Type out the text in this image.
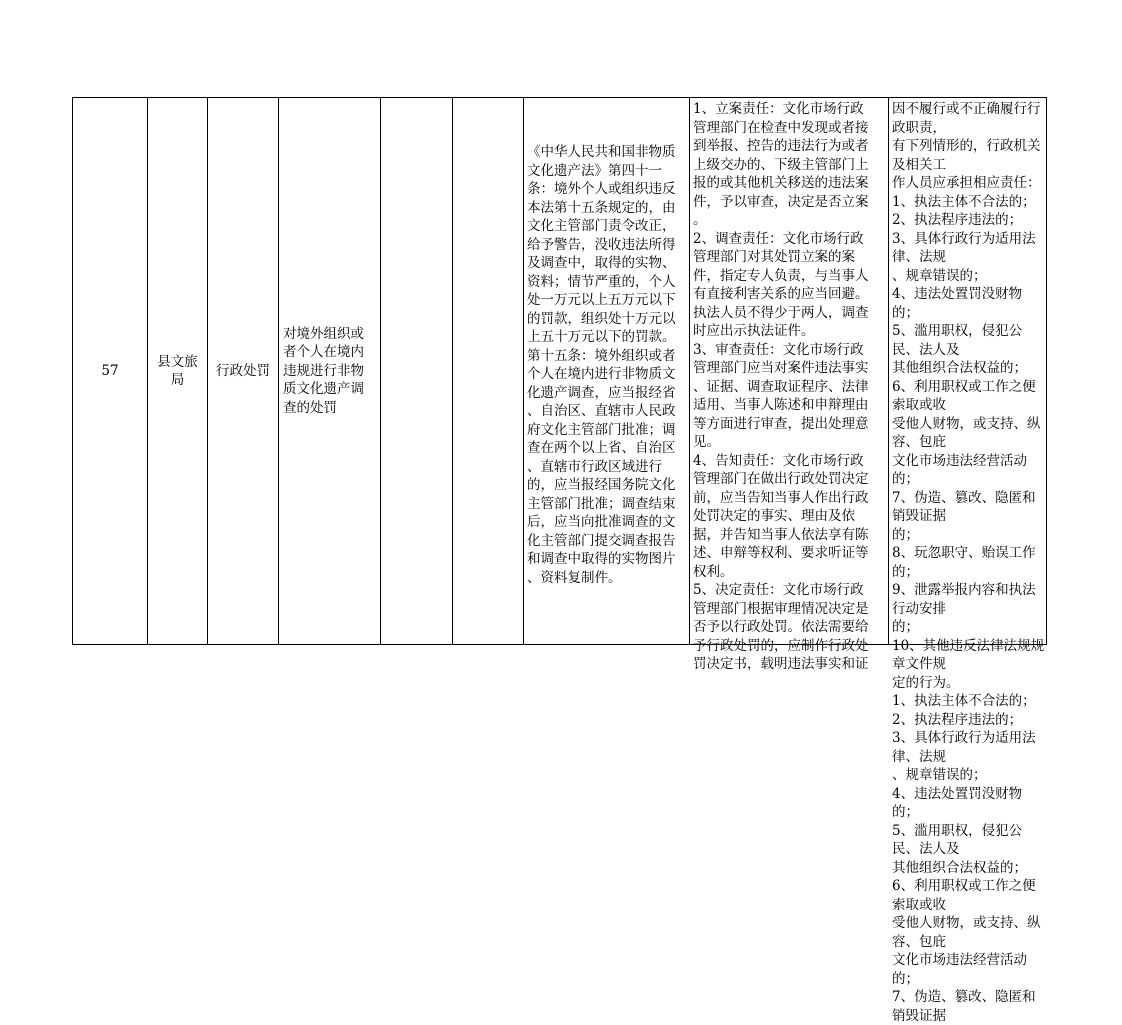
57
县文旅
局
行政处罚
对境外组织或
者个人在境内
违规进行非物
质文化遗产调
查的处罚
《中华人民共和国非物质
文化遗产法》第四十一
条：境外个人或组织违反
本法第十五条规定的，由
文化主管部门责令改正，
给予警告，没收违法所得
及调查中，取得的实物、
资料；情节严重的，个人
处一万元以上五万元以下
的罚款，组织处十万元以
上五十万元以下的罚款。
第十五条：境外组织或者
个人在境内进行非物质文
化遗产调查，应当报经省
、自治区、直辖市人民政
府文化主管部门批准；调
查在两个以上省、自治区
、直辖市行政区域进行
的，应当报经国务院文化
主管部门批准；调查结束
后，应当向批准调查的文
化主管部门提交调查报告
和调查中取得的实物图片
、资料复制件。
1、立案责任：文化市场行政
管理部门在检查中发现或者接
到举报、控告的违法行为或者
上级交办的、下级主管部门上
报的或其他机关移送的违法案
件，予以审查，决定是否立案
。
2、调查责任：文化市场行政
管理部门对其处罚立案的案
件，指定专人负责，与当事人
有直接利害关系的应当回避。
执法人员不得少于两人，调查
时应出示执法证件。
3、审查责任：文化市场行政
管理部门应当对案件违法事实
、证据、调查取证程序、法律
适用、当事人陈述和申辩理由
等方面进行审查，提出处理意
见。
4、告知责任：文化市场行政
管理部门在做出行政处罚决定
前，应当告知当事人作出行政
处罚决定的事实、理由及依
据，并告知当事人依法享有陈
述、申辩等权利、要求听证等
权利。
5、决定责任：文化市场行政
管理部门根据审理情况决定是
否予以行政处罚。依法需要给
予行政处罚的，应制作行政处
罚决定书，载明违法事实和证
因不履行或不正确履行行政职责，
有下列情形的，行政机关及相关工
作人员应承担相应责任：
1、执法主体不合法的；
2、执法程序违法的；
3、具体行政行为适用法律、法规
、规章错误的；
4、违法处置罚没财物的；
5、滥用职权，侵犯公民、法人及
其他组织合法权益的；
6、利用职权或工作之便索取或收
受他人财物，或支持、纵容、包庇
文化市场违法经营活动的；
7、伪造、篡改、隐匿和销毁证据
的；
8、玩忽职守、贻误工作的；
9、泄露举报内容和执法行动安排
的；
10、其他违反法律法规规章文件规
定的行为。
1、执法主体不合法的；
2、执法程序违法的；
3、具体行政行为适用法律、法规
、规章错误的；
4、违法处置罚没财物的；
5、滥用职权，侵犯公民、法人及
其他组织合法权益的；
6、利用职权或工作之便索取或收
受他人财物，或支持、纵容、包庇
文化市场违法经营活动的；
7、伪造、篡改、隐匿和销毁证据
